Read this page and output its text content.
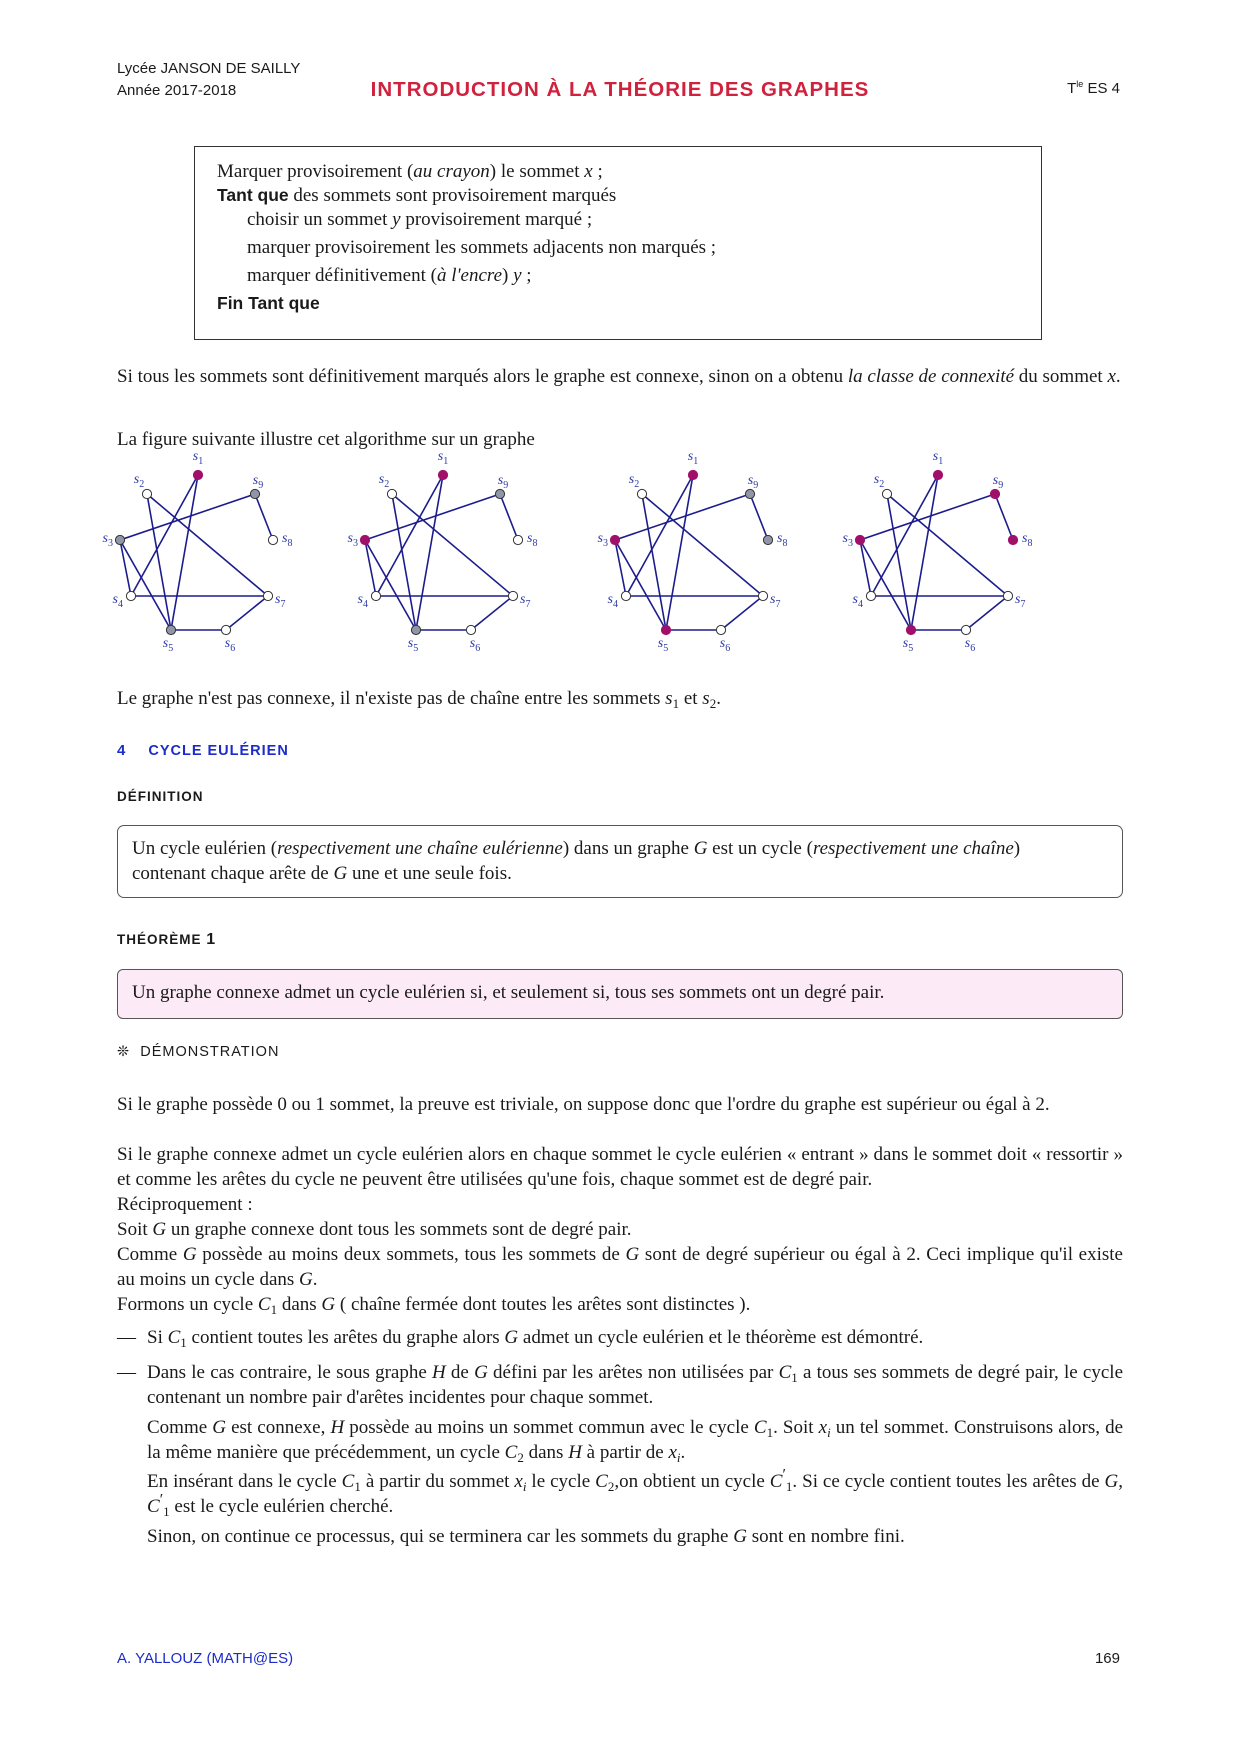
Lycée JANSON DE SAILLY
Année 2017-2018	INTRODUCTION À LA THÉORIE DES GRAPHES	$T^{le}$ ES 4
Marquer provisoirement (au crayon) le sommet x ;
Tant que des sommets sont provisoirement marqués
choisir un sommet y provisoirement marqué ;
marquer provisoirement les sommets adjacents non marqués ;
marquer définitivement (à l'encre) y ;
Fin Tant que
Si tous les sommets sont définitivement marqués alors le graphe est connexe, sinon on a obtenu la classe de connexité du sommet x.
La figure suivante illustre cet algorithme sur un graphe
$s_1$
$s_2$
$s_3$
$s_4$
$s_5$	$s_6$
$s_7$
$s_8$
$s_9$
$s_1$
$s_2$
$s_3$
$s_4$
$s_5$	$s_6$
$s_7$
$s_8$
$s_9$
$s_1$
$s_2$
$s_3$
$s_4$
$s_5$	$s_6$
$s_7$
$s_8$
$s_9$
$s_1$
$s_2$
$s_3$
$s_4$
$s_5$	$s_6$
$s_7$
$s_8$
$s_9$
Le graphe n'est pas connexe, il n'existe pas de chaîne entre les sommets $s_1$ et $s_2$.
4 CYCLE EULÉRIEN
DÉFINITION
Un cycle eulérien (respectivement une chaîne eulérienne) dans un graphe G est un cycle (respectivement une chaîne)
contenant chaque arête de G une et une seule fois.
THÉORÈME 1
Un graphe connexe admet un cycle eulérien si, et seulement si, tous ses sommets ont un degré pair.
❊ DÉMONSTRATION
Si le graphe possède 0 ou 1 sommet, la preuve est triviale, on suppose donc que l'ordre du graphe est supérieur ou égal à 2.
Si le graphe connexe admet un cycle eulérien alors en chaque sommet le cycle eulérien « entrant » dans le sommet doit « ressortir » et comme les arêtes du cycle ne peuvent être utilisées qu'une fois, chaque sommet est de degré pair.
Réciproquement :
Soit G un graphe connexe dont tous les sommets sont de degré pair.
Comme G possède au moins deux sommets, tous les sommets de G sont de degré supérieur ou égal à 2. Ceci implique qu'il existe au moins un cycle dans G.
Formons un cycle $C_1$ dans G ( chaîne fermée dont toutes les arêtes sont distinctes ).
— Si $C_1$ contient toutes les arêtes du graphe alors G admet un cycle eulérien et le théorème est démontré.
— Dans le cas contraire, le sous graphe H de G défini par les arêtes non utilisées par $C_1$ a tous ses sommets de degré pair, le cycle contenant un nombre pair d'arêtes incidentes pour chaque sommet.
Comme G est connexe, H possède au moins un sommet commun avec le cycle $C_1$. Soit $x_i$ un tel sommet. Construisons alors, de la même manière que précédemment, un cycle $C_2$ dans H à partir de $x_i$.
En insérant dans le cycle $C_1$ à partir du sommet $x_i$ le cycle $C_2,on$ obtient un cycle $C'_1$. Si ce cycle contient toutes les arêtes de G, $C'_1$ est le cycle eulérien cherché.
Sinon, on continue ce processus, qui se terminera car les sommets du graphe G sont en nombre fini.
A. YALLOUZ (MATH@ES)	169
